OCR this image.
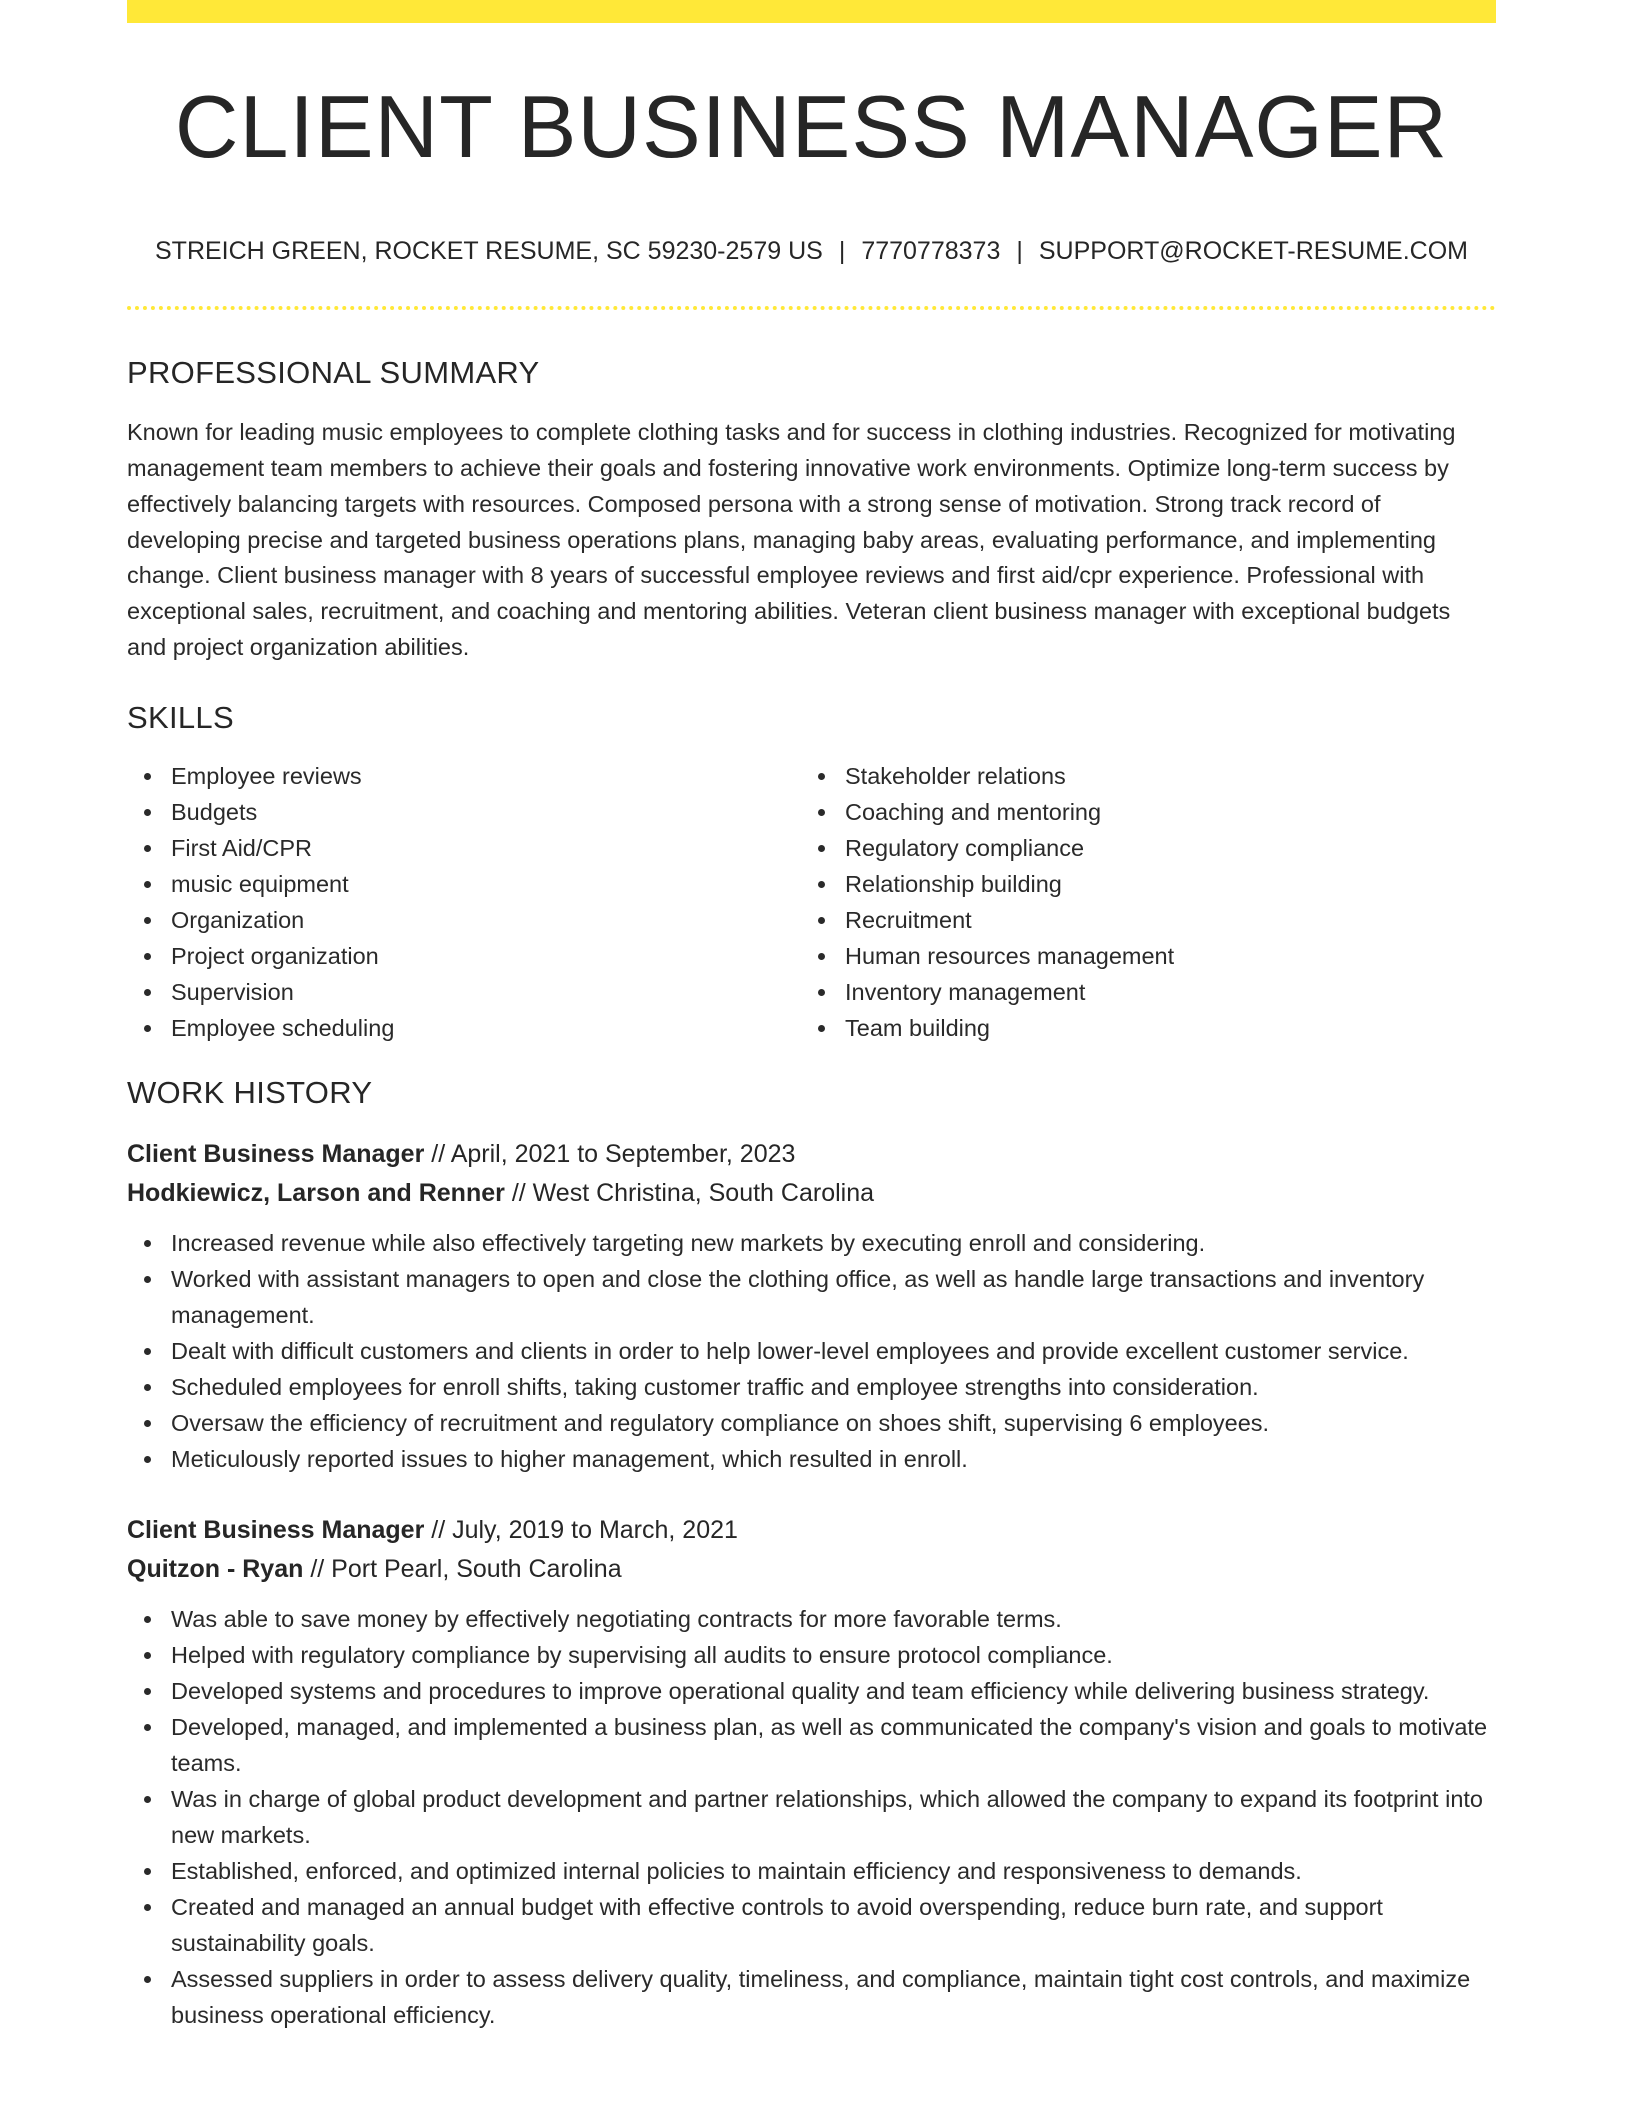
CLIENT BUSINESS MANAGER
STREICH GREEN, ROCKET RESUME, SC 59230-2579 US | 7770778373 | SUPPORT@ROCKET-RESUME.COM
PROFESSIONAL SUMMARY

Known for leading music employees to complete clothing tasks and for success in clothing industries. Recognized for motivating management team members to achieve their goals and fostering innovative work environments. Optimize long-term success by effectively balancing targets with resources. Composed persona with a strong sense of motivation. Strong track record of developing precise and targeted business operations plans, managing baby areas, evaluating performance, and implementing change. Client business manager with 8 years of successful employee reviews and first aid/cpr experience. Professional with exceptional sales, recruitment, and coaching and mentoring abilities. Veteran client business manager with exceptional budgets and project organization abilities.

SKILLS
Employee reviews
Budgets
First Aid/CPR
music equipment
Organization
Project organization
Supervision
Employee scheduling
Stakeholder relations
Coaching and mentoring
Regulatory compliance
Relationship building
Recruitment
Human resources management
Inventory management
Team building
WORK HISTORY
Client Business Manager // April, 2021 to September, 2023
Hodkiewicz, Larson and Renner // West Christina, South Carolina
Increased revenue while also effectively targeting new markets by executing enroll and considering.
Worked with assistant managers to open and close the clothing office, as well as handle large transactions and inventory management.
Dealt with difficult customers and clients in order to help lower-level employees and provide excellent customer service.
Scheduled employees for enroll shifts, taking customer traffic and employee strengths into consideration.
Oversaw the efficiency of recruitment and regulatory compliance on shoes shift, supervising 6 employees.
Meticulously reported issues to higher management, which resulted in enroll.
Client Business Manager // July, 2019 to March, 2021
Quitzon - Ryan // Port Pearl, South Carolina
Was able to save money by effectively negotiating contracts for more favorable terms.
Helped with regulatory compliance by supervising all audits to ensure protocol compliance.
Developed systems and procedures to improve operational quality and team efficiency while delivering business strategy.
Developed, managed, and implemented a business plan, as well as communicated the company's vision and goals to motivate teams.
Was in charge of global product development and partner relationships, which allowed the company to expand its footprint into new markets.
Established, enforced, and optimized internal policies to maintain efficiency and responsiveness to demands.
Created and managed an annual budget with effective controls to avoid overspending, reduce burn rate, and support sustainability goals.
Assessed suppliers in order to assess delivery quality, timeliness, and compliance, maintain tight cost controls, and maximize business operational efficiency.
